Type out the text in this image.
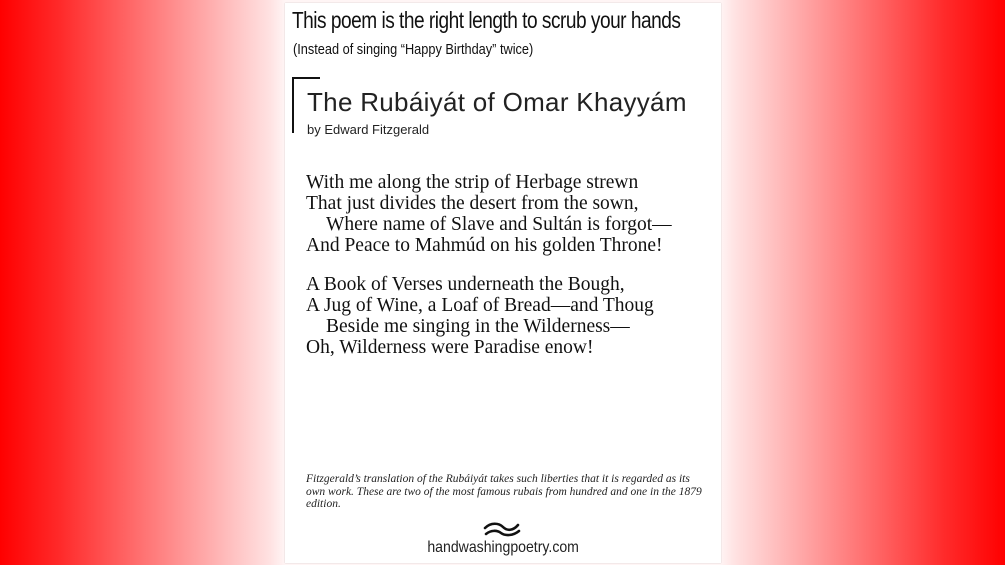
This poem is the right length to scrub your hands
(Instead of singing “Happy Birthday” twice)
The Rubáiyát of Omar Khayyám
by Edward Fitzgerald
With me along the strip of Herbage strewn
That just divides the desert from the sown,
Where name of Slave and Sultán is forgot—
And Peace to Mahmúd on his golden Throne!
A Book of Verses underneath the Bough,
A Jug of Wine, a Loaf of Bread—and Thoug
Beside me singing in the Wilderness—
Oh, Wilderness were Paradise enow!
Fitzgerald’s translation of the Rubáiyát takes such liberties that it is regarded as its own work. These are two of the most famous rubais from hundred and one in the 1879 edition.
handwashingpoetry.com
